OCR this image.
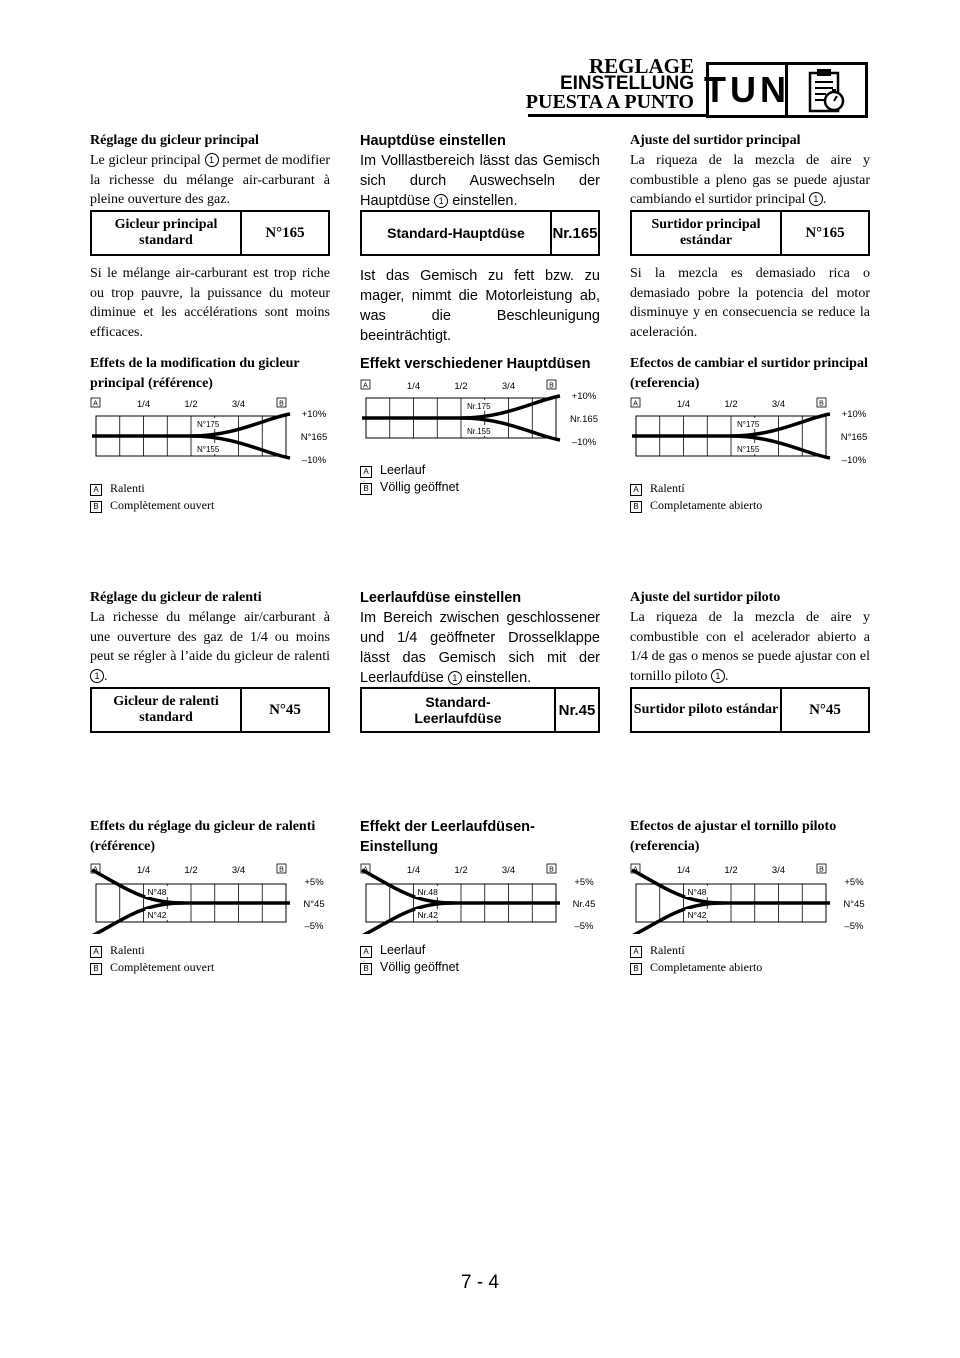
REGLAGE
EINSTELLUNG
PUESTA A PUNTO TUN
Réglage du gicleur principal
Le gicleur principal 1 permet de modifier la richesse du mélange air-carburant à pleine ouverture des gaz.
Gicleur principal standard	N°165
Si le mélange air-carburant est trop riche ou trop pauvre, la puissance du moteur diminue et les accélérations sont moins efficaces.
Effets de la modification du gicleur principal (référence)
A	B
1/4	1/2	3/4
N°175
N°155
+10%
N°165
–10%
A Ralenti
B Complètement ouvert
Réglage du gicleur de ralenti
La richesse du mélange air/carburant à une ouverture des gaz de 1/4 ou moins peut se régler à l’aide du gicleur de ralenti 1 .
Gicleur de ralenti standard	N°45
Effets du réglage du gicleur de ralenti (référence)
A	B
1/4	1/2	3/4
N°48
N°42
+5%
N°45
–5%
A Ralenti
B Complètement ouvert
Hauptdüse einstellen
Im Volllastbereich lässt das Gemisch sich durch Auswechseln der Hauptdüse 1 einstellen.
Standard-Hauptdüse	Nr.165
Ist das Gemisch zu fett bzw. zu mager, nimmt die Motorleistung ab, was die Beschleunigung beeinträchtigt.
Effekt verschiedener Hauptdüsen
A	B
1/4	1/2	3/4
Nr.175
Nr.155
+10%
Nr.165
–10%
A Leerlauf
B Völlig geöffnet
Leerlaufdüse einstellen
Im Bereich zwischen geschlossener und 1/4 geöffneter Drosselklappe lässt das Gemisch sich mit der Leerlaufdüse 1 einstellen.
Standard-Leerlaufdüse	Nr.45
Effekt der Leerlaufdüsen-Einstellung
A	B
1/4	1/2	3/4
Nr.48
Nr.42
+5%
Nr.45
–5%
A Leerlauf
B Völlig geöffnet
Ajuste del surtidor principal
La riqueza de la mezcla de aire y combustible a pleno gas se puede ajustar cambiando el surtidor principal 1 .
Surtidor principal estándar	N°165
Si la mezcla es demasiado rica o demasiado pobre la potencia del motor disminuye y en consecuencia se reduce la aceleración.
Efectos de cambiar el surtidor principal (referencia)
A	B
1/4	1/2	3/4
N°175
N°155
+10%
N°165
–10%
A Ralentí
B Completamente abierto
Ajuste del surtidor piloto
La riqueza de la mezcla de aire y combustible con el acelerador abierto a 1/4 de gas o menos se puede ajustar con el tornillo piloto 1 .
Surtidor piloto estándar	N°45
Efectos de ajustar el tornillo piloto (referencia)
A	B
1/4	1/2	3/4
N°48
N°42
+5%
N°45
–5%
A Ralentí
B Completamente abierto
7 - 4
